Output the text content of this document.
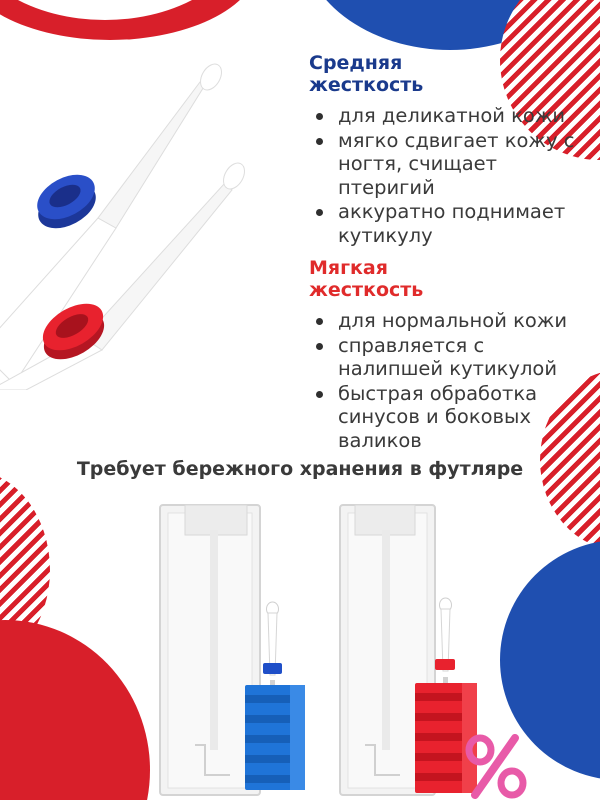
Средняя
жесткость
для деликатной кожи
мягко сдвигает кожу с ногтя, счищает птеригий
аккуратно поднимает кутикулу
Мягкая
жесткость
для нормальной кожи
справляется с налипшей кутикулой
быстрая обработка синусов и боковых валиков
Требует бережного хранения в футляре
